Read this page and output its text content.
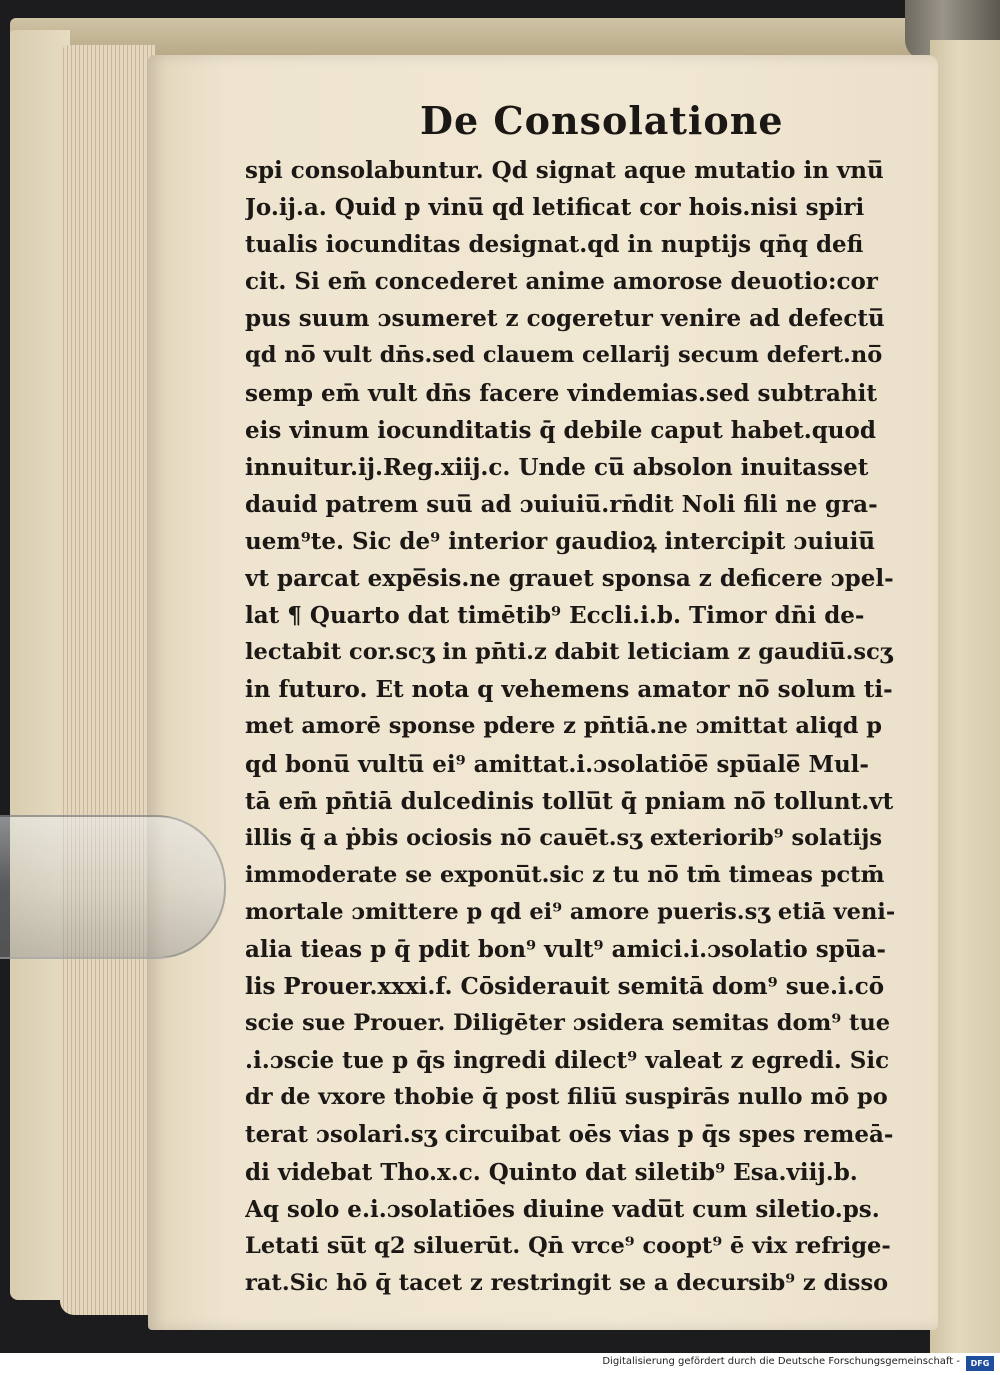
De Consolatione
spi consolabuntur. Qd signat aque mutatio in vnu̅
Jo.ij.a. Quid p vinu̅ qd letificat cor hois.nisi spiri
tualis iocunditas designat.qd in nuptijs qn̄q defi
cit. Si em̄ concederet anime amorose deuotio:cor
pus suum ɔsumeret z cogeretur venire ad defectu̅
qd no̅ vult dn̄s.sed clauem cellarij secum defert.no̅
semp em̄ vult dn̄s facere vindemias.sed subtrahit
eis vinum iocunditatis q̄ debile caput habet.quod
innuitur.ij.Reg.xiij.c. Unde cu̅ absolon inuitasset
dauid patrem suu̅ ad ɔuiuiu̅.rn̄dit Noli fili ne gra-
uem⁹te. Sic de⁹ interior gaudioꝝ intercipit ɔuiuiu̅
vt parcat expe̅sis.ne grauet sponsa z deficere ɔpel-
lat ¶ Quarto dat timētib⁹ Eccli.i.b. Timor dn̄i de-
lectabit cor.scʒ in pn̄ti.z dabit leticiam z gaudiu̅.scʒ
in futuro. Et nota q vehemens amator no̅ solum ti-
met amorē sponse pdere z pn̄tiā.ne ɔmittat aliqd p
qd bonu̅ vultu̅ ei⁹ amittat.i.ɔsolatiōe̅ spu̅ale̅ Mul-
tā em̄ pn̄tiā dulcedinis tollu̅t q̄ pniam no̅ tollunt.vt
illis q̄ a ṗbis ociosis no̅ caue̅t.sʒ exteriorib⁹ solatijs
immoderate se exponu̅t.sic z tu no̅ tm̄ timeas pctm̄
mortale ɔmittere p qd ei⁹ amore pueris.sʒ etiā veni-
alia tieas p q̄ pdit bon⁹ vult⁹ amici.i.ɔsolatio spu̅a-
lis Prouer.xxxi.f. Cōsiderauit semitā dom⁹ sue.i.cō
scie sue Prouer. Diligēter ɔsidera semitas dom⁹ tue
.i.ɔscie tue p q̄s ingredi dilect⁹ valeat z egredi. Sic
dr de vxore thobie q̄ post filiu̅ suspirās nullo mō po
terat ɔsolari.sʒ circuibat oēs vias p q̄s spes remeā-
di videbat Tho.x.c. Quinto dat siletib⁹ Esa.viij.b.
Aq solo e.i.ɔsolatiōes diuine vadu̅t cum siletio.ps.
Letati su̅t q2 siluerūt. Qn̄ vrce⁹ coopt⁹ ē vix refrige-
rat.Sic hō q̄ tacet z restringit se a decursib⁹ z disso
Digitalisierung gefördert durch die Deutsche Forschungsgemeinschaft -	DFG
